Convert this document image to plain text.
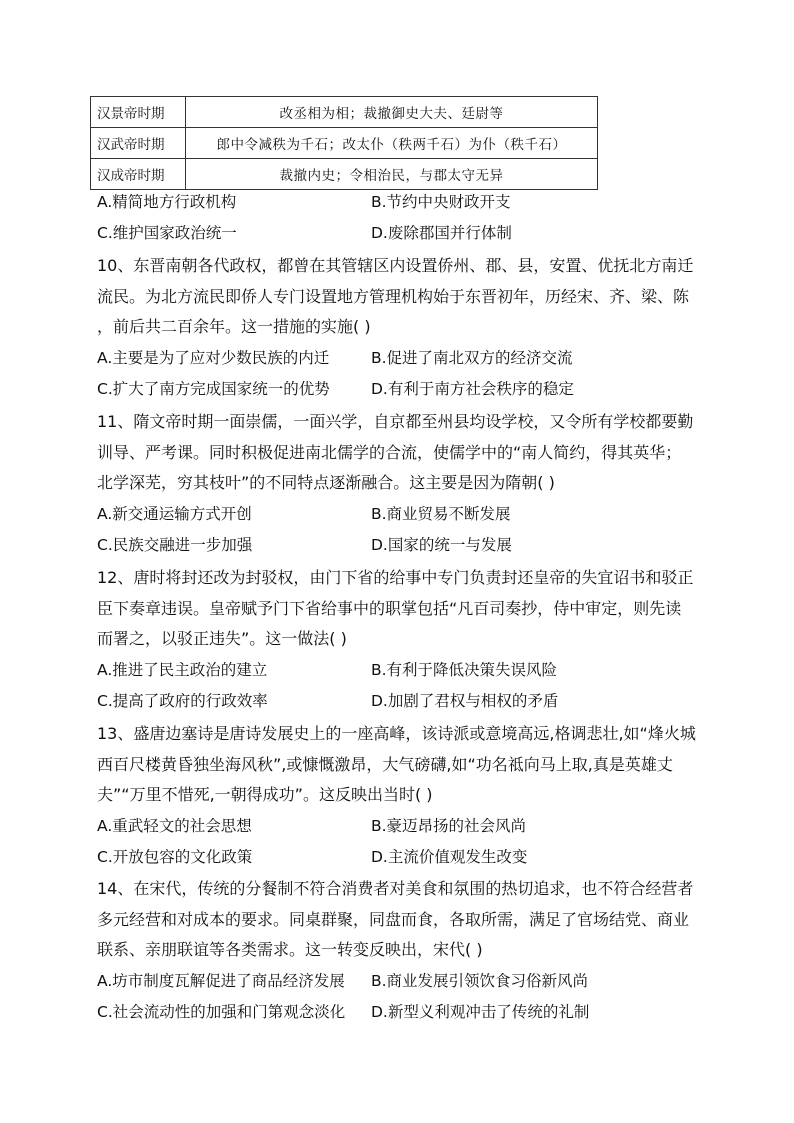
汉景帝时期	改丞相为相；裁撤御史大夫、廷尉等
汉武帝时期	郎中令减秩为千石；改太仆（秩两千石）为仆（秩千石）
汉成帝时期	裁撤内史；令相治民，与郡太守无异
A.精简地方行政机构	B.节约中央财政开支
C.维护国家政治统一	D.废除郡国并行体制

10、东晋南朝各代政权，都曾在其管辖区内设置侨州、郡、县，安置、优抚北方南迁

流民。为北方流民即侨人专门设置地方管理机构始于东晋初年，历经宋、齐、梁、陈

，前后共二百余年。这一措施的实施( )

A.主要是为了应对少数民族的内迁	B.促进了南北双方的经济交流
C.扩大了南方完成国家统一的优势	D.有利于南方社会秩序的稳定

11、隋文帝时期一面崇儒，一面兴学，自京都至州县均设学校，又令所有学校都要勤

训导、严考课。同时积极促进南北儒学的合流，使儒学中的“南人简约，得其英华；

北学深芜，穷其枝叶”的不同特点逐渐融合。这主要是因为隋朝( )

A.新交通运输方式开创	B.商业贸易不断发展
C.民族交融进一步加强	D.国家的统一与发展

12、唐时将封还改为封驳权，由门下省的给事中专门负责封还皇帝的失宜诏书和驳正

臣下奏章违误。皇帝赋予门下省给事中的职掌包括“凡百司奏抄，侍中审定，则先读

而署之，以驳正违失”。这一做法( )

A.推进了民主政治的建立	B.有利于降低决策失误风险
C.提高了政府的行政效率	D.加剧了君权与相权的矛盾

13、盛唐边塞诗是唐诗发展史上的一座高峰，该诗派或意境高远,格调悲壮,如“烽火城

西百尺楼黄昏独坐海风秋”,或慷慨激昂，大气磅礴,如“功名祗向马上取,真是英雄丈

夫”“万里不惜死,一朝得成功”。这反映出当时( )

A.重武轻文的社会思想	B.豪迈昂扬的社会风尚
C.开放包容的文化政策	D.主流价值观发生改变

14、在宋代，传统的分餐制不符合消费者对美食和氛围的热切追求，也不符合经营者

多元经营和对成本的要求。同桌群聚，同盘而食，各取所需，满足了官场结党、商业

联系、亲朋联谊等各类需求。这一转变反映出，宋代( )

A.坊市制度瓦解促进了商品经济发展 B.商业发展引领饮食习俗新风尚
C.社会流动性的加强和门第观念淡化 D.新型义利观冲击了传统的礼制
